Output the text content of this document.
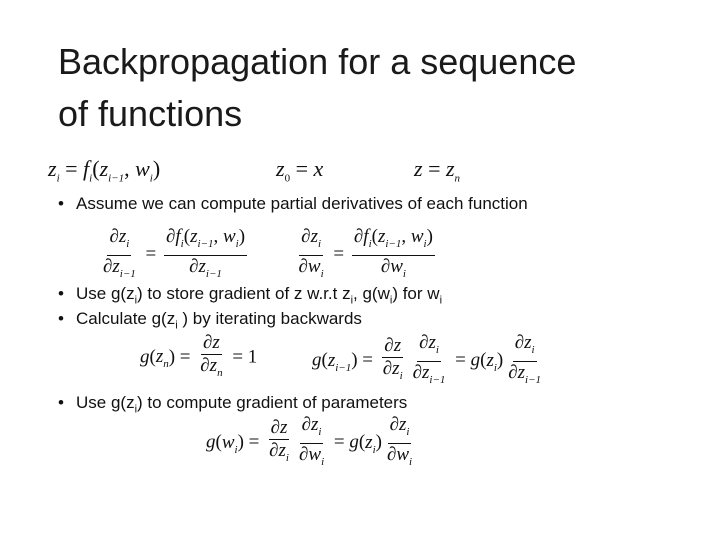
Backpropagation for a sequence
of functions
$z_i = f_i(z_{i-1}$, $w_i$)	$z_0 = x$	$z = z_n$
• Assume we can compute partial derivatives of each function
$\frac{\partial z_i}{\partial z_{i-1}} = \frac{\partial f_i(z_{i-1}, w_i)}{\partial z_{i-1}}$
	$\frac{\partial z_i}{\partial w_i} = \frac{\partial f_i(z_{i-1}, w_i)}{\partial w_i}$
• Use $g(z_i)$ to store gradient of z w.r.t $z_i$, $g(w_i)$ for $w_i$
• Calculate $g(z_i$ ) by iterating backwards
$g(z_n) = \frac{\partial z}{\partial z_n} = 1$	$g(z_{i-1}) = \frac{\partial z}{\partial z_i} \frac{\partial z_i}{\partial z_{i-1}} = g(z_i) \frac{\partial z_i}{\partial z_{i-1}}$
• Use $g(z_i)$ to compute gradient of parameters
$g(w_i) = \frac{\partial z}{\partial z_i} \frac{\partial z_i}{\partial w_i} = g(z_i) \frac{\partial z_i}{\partial w_i}$
